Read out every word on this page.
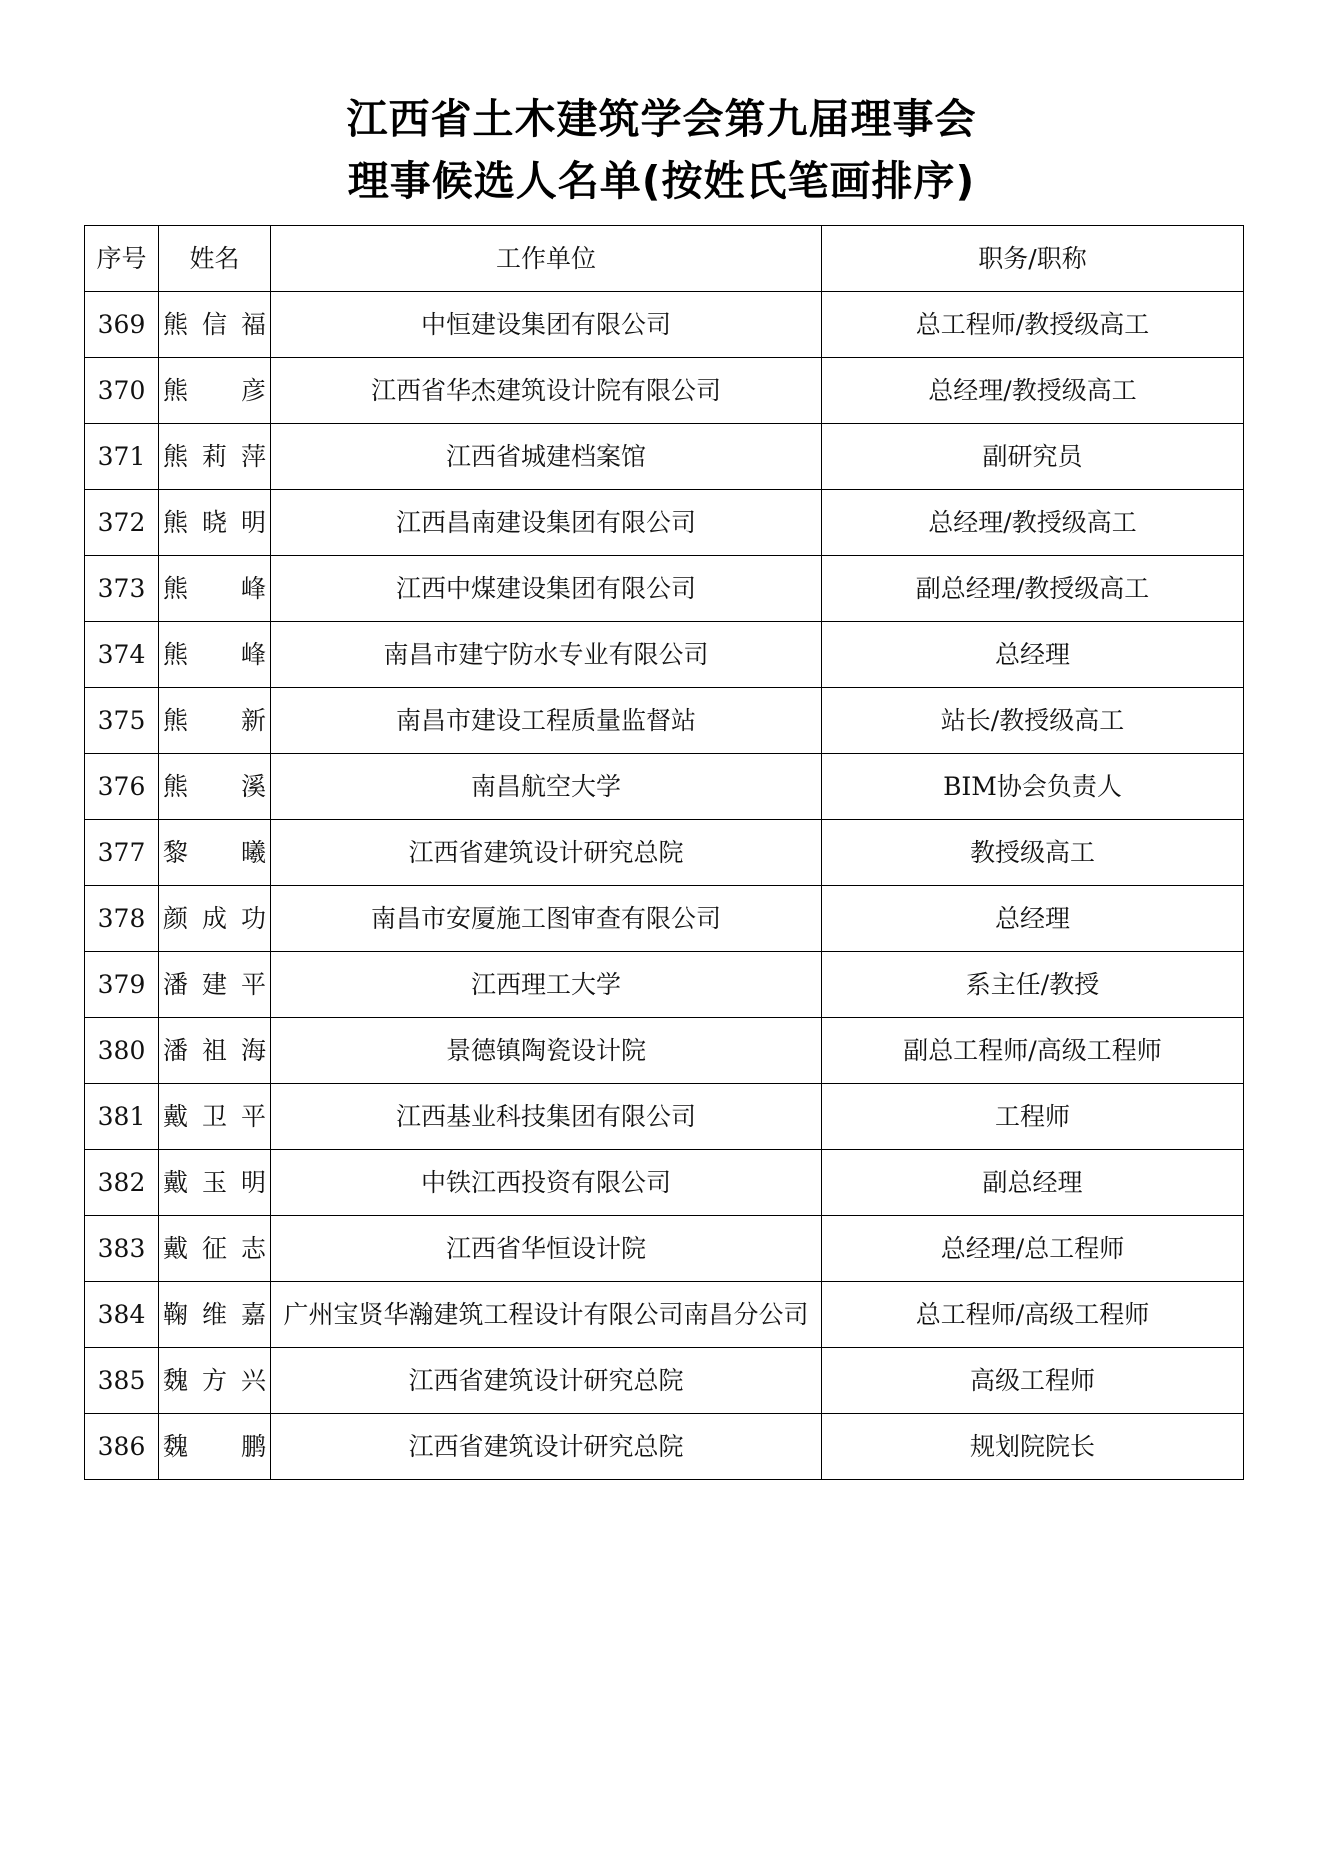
江西省土木建筑学会第九届理事会
理事候选人名单(按姓氏笔画排序)
序号	姓名	工作单位	职务/职称
369	熊信福	中恒建设集团有限公司	总工程师/教授级高工
370	熊彦	江西省华杰建筑设计院有限公司	总经理/教授级高工
371	熊莉萍	江西省城建档案馆	副研究员
372	熊晓明	江西昌南建设集团有限公司	总经理/教授级高工
373	熊峰	江西中煤建设集团有限公司	副总经理/教授级高工
374	熊峰	南昌市建宁防水专业有限公司	总经理
375	熊新	南昌市建设工程质量监督站	站长/教授级高工
376	熊溪	南昌航空大学	BIM协会负责人
377	黎曦	江西省建筑设计研究总院	教授级高工
378	颜成功	南昌市安厦施工图审查有限公司	总经理
379	潘建平	江西理工大学	系主任/教授
380	潘祖海	景德镇陶瓷设计院	副总工程师/高级工程师
381	戴卫平	江西基业科技集团有限公司	工程师
382	戴玉明	中铁江西投资有限公司	副总经理
383	戴征志	江西省华恒设计院	总经理/总工程师
384	鞠维嘉	广州宝贤华瀚建筑工程设计有限公司南昌分公司	总工程师/高级工程师
385	魏方兴	江西省建筑设计研究总院	高级工程师
386	魏鹏	江西省建筑设计研究总院	规划院院长
